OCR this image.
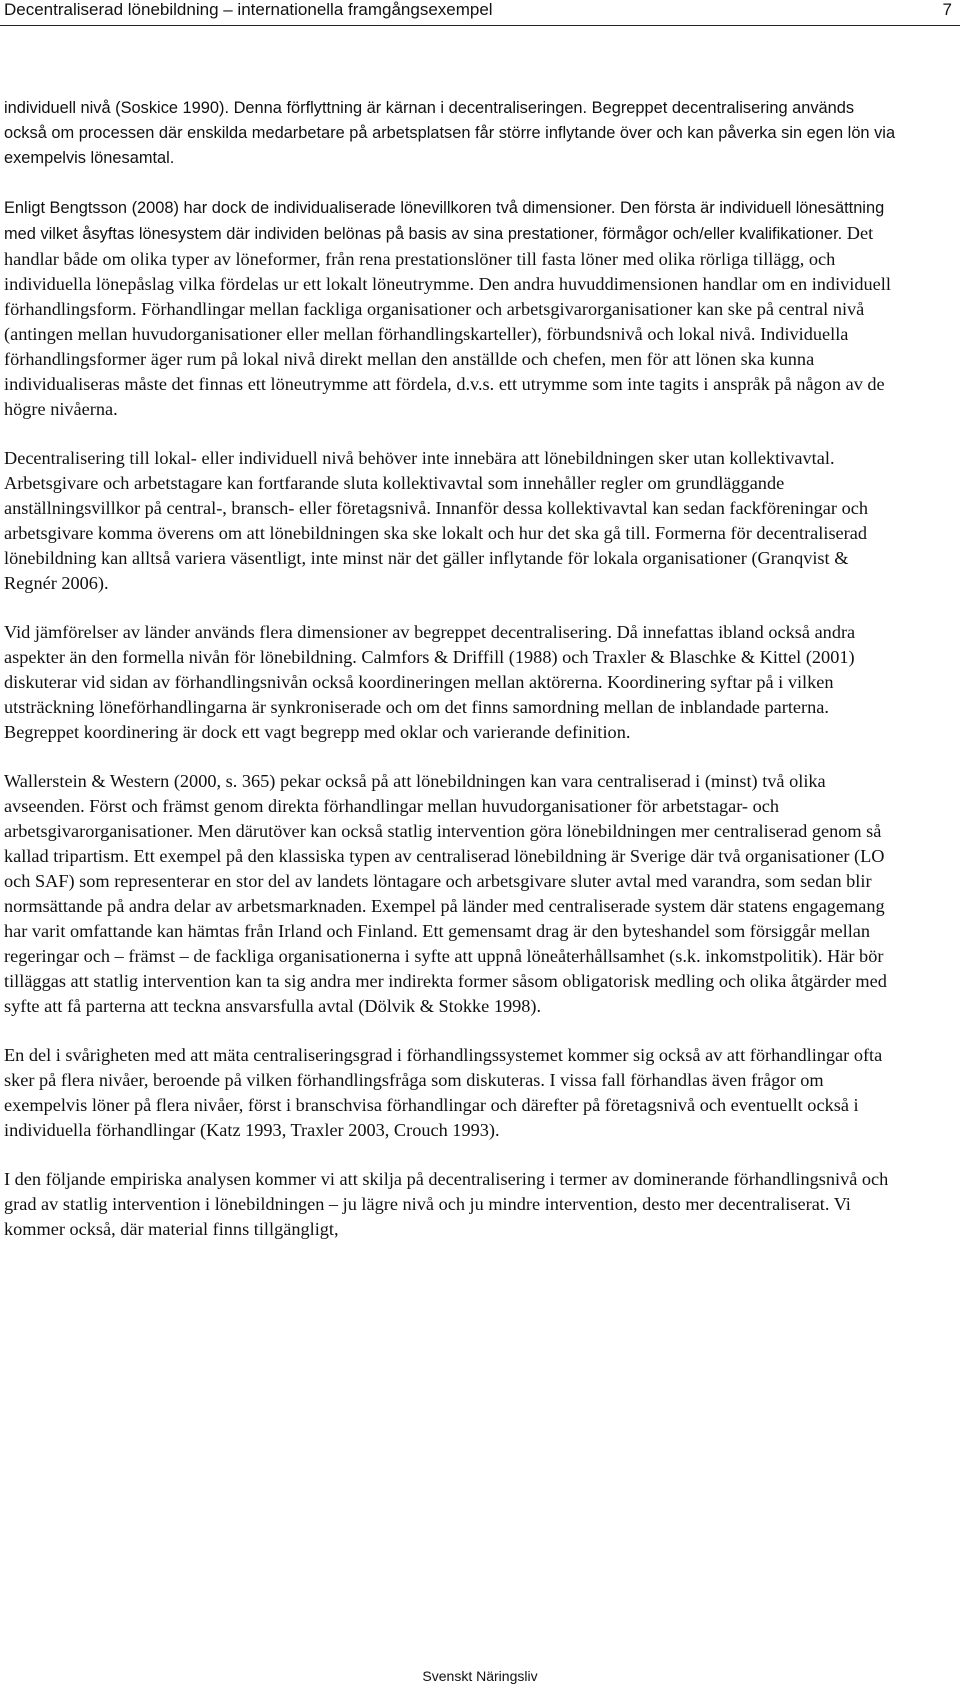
Decentraliserad lönebildning – internationella framgångsexempel	7

individuell nivå (Soskice 1990). Denna förflyttning är kärnan i decentraliseringen. Begreppet decentralisering används också om processen där enskilda medarbetare på arbetsplatsen får större inflytande över och kan påverka sin egen lön via exempelvis lönesamtal.

Enligt Bengtsson (2008) har dock de individualiserade lönevillkoren två dimensioner. Den första är individuell lönesättning med vilket åsyftas lönesystem där individen belönas på basis av sina prestationer, förmågor och/eller kvalifikationer. Det handlar både om olika typer av löneformer, från rena prestationslöner till fasta löner med olika rörliga tillägg, och individuella lönepåslag vilka fördelas ur ett lokalt löneutrymme. Den andra huvuddimensionen handlar om en individuell förhandlingsform. Förhandlingar mellan fackliga organisationer och arbetsgivarorganisationer kan ske på central nivå (antingen mellan huvudorganisationer eller mellan förhandlingskarteller), förbundsnivå och lokal nivå. Individuella förhandlingsformer äger rum på lokal nivå direkt mellan den anställde och chefen, men för att lönen ska kunna individualiseras måste det finnas ett löneutrymme att fördela, d.v.s. ett utrymme som inte tagits i anspråk på någon av de högre nivåerna.

Decentralisering till lokal- eller individuell nivå behöver inte innebära att lönebildningen sker utan kollektivavtal. Arbetsgivare och arbetstagare kan fortfarande sluta kollektivavtal som innehåller regler om grundläggande anställningsvillkor på central-, bransch- eller företagsnivå. Innanför dessa kollektivavtal kan sedan fackföreningar och arbetsgivare komma överens om att lönebildningen ska ske lokalt och hur det ska gå till. Formerna för decentraliserad lönebildning kan alltså variera väsentligt, inte minst när det gäller inflytande för lokala organisationer (Granqvist & Regnér 2006).

Vid jämförelser av länder används flera dimensioner av begreppet decentralisering. Då innefattas ibland också andra aspekter än den formella nivån för lönebildning. Calmfors & Driffill (1988) och Traxler & Blaschke & Kittel (2001) diskuterar vid sidan av förhandlingsnivån också koordineringen mellan aktörerna. Koordinering syftar på i vilken utsträckning löneförhandlingarna är synkroniserade och om det finns samordning mellan de inblandade parterna. Begreppet koordinering är dock ett vagt begrepp med oklar och varierande definition.

Wallerstein & Western (2000, s. 365) pekar också på att lönebildningen kan vara centraliserad i (minst) två olika avseenden. Först och främst genom direkta förhandlingar mellan huvudorganisationer för arbetstagar- och arbetsgivarorganisationer. Men därutöver kan också statlig intervention göra lönebildningen mer centraliserad genom så kallad tripartism. Ett exempel på den klassiska typen av centraliserad lönebildning är Sverige där två organisationer (LO och SAF) som representerar en stor del av landets löntagare och arbetsgivare sluter avtal med varandra, som sedan blir normsättande på andra delar av arbetsmarknaden. Exempel på länder med centraliserade system där statens engagemang har varit omfattande kan hämtas från Irland och Finland. Ett gemensamt drag är den byteshandel som försiggår mellan regeringar och – främst – de fackliga organisationerna i syfte att uppnå löneåterhållsamhet (s.k. inkomstpolitik). Här bör tilläggas att statlig intervention kan ta sig andra mer indirekta former såsom obligatorisk medling och olika åtgärder med syfte att få parterna att teckna ansvarsfulla avtal (Dölvik & Stokke 1998).

En del i svårigheten med att mäta centraliseringsgrad i förhandlingssystemet kommer sig också av att förhandlingar ofta sker på flera nivåer, beroende på vilken förhandlingsfråga som diskuteras. I vissa fall förhandlas även frågor om exempelvis löner på flera nivåer, först i branschvisa förhandlingar och därefter på företagsnivå och eventuellt också i individuella förhandlingar (Katz 1993, Traxler 2003, Crouch 1993).

I den följande empiriska analysen kommer vi att skilja på decentralisering i termer av dominerande förhandlingsnivå och grad av statlig intervention i lönebildningen – ju lägre nivå och ju mindre intervention, desto mer decentraliserat. Vi kommer också, där material finns tillgängligt,

Svenskt Näringsliv
